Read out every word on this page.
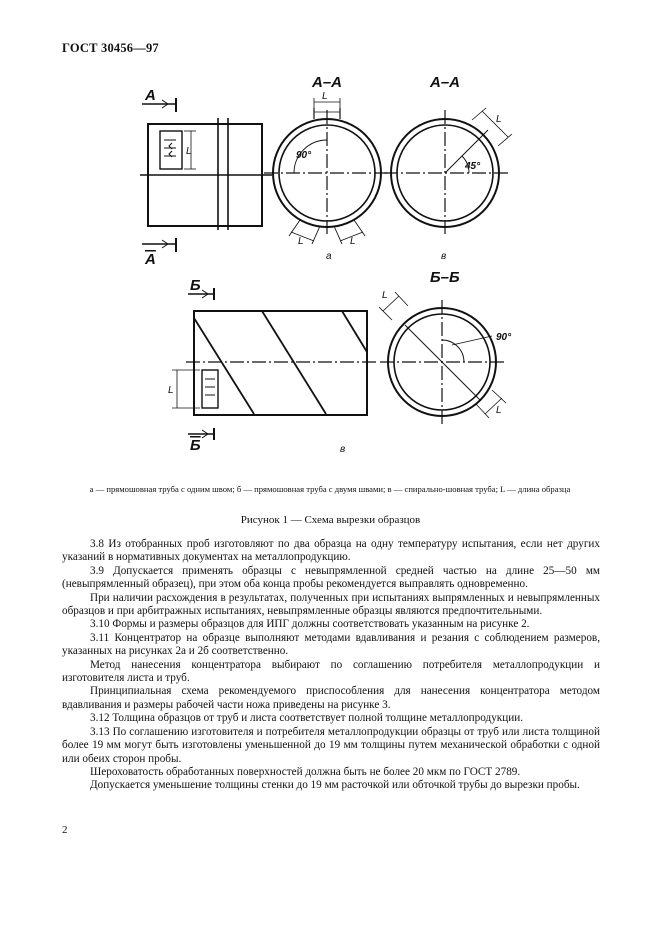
ГОСТ 30456—97
А
А
А–А	А–А
L
L
L	L
90°
L
45°
а	в
Б
Б
Б–Б
L
L
L
90°
в
а — прямошовная труба с одним швом; б — прямошовная труба с двумя швами; в — спирально-шовная труба; L — длина образца
Рисунок 1 — Схема вырезки образцов

3.8 Из отобранных проб изготовляют по два образца на одну температуру испытания, если нет других указаний в нормативных документах на металлопродукцию.

3.9 Допускается применять образцы с невыпрямленной средней частью на длине 25—50 мм (невыпрямленный образец), при этом оба конца пробы рекомендуется выправлять одновременно.

При наличии расхождения в результатах, полученных при испытаниях выпрямленных и невыпрямленных образцов и при арбитражных испытаниях, невыпрямленные образцы являются предпочтительными.

3.10 Формы и размеры образцов для ИПГ должны соответствовать указанным на рисунке 2.

3.11 Концентратор на образце выполняют методами вдавливания и резания с соблюдением размеров, указанных на рисунках 2а и 2б соответственно.

Метод нанесения концентратора выбирают по соглашению потребителя металлопродукции и изготовителя листа и труб.

Принципиальная схема рекомендуемого приспособления для нанесения концентратора методом вдавливания и размеры рабочей части ножа приведены на рисунке 3.

3.12 Толщина образцов от труб и листа соответствует полной толщине металлопродукции.

3.13 По соглашению изготовителя и потребителя металлопродукции образцы от труб или листа толщиной более 19 мм могут быть изготовлены уменьшенной до 19 мм толщины путем механической обработки с одной или обеих сторон пробы.

Шероховатость обработанных поверхностей должна быть не более 20 мкм по ГОСТ 2789.

Допускается уменьшение толщины стенки до 19 мм расточкой или обточкой трубы до вырезки пробы.

2
